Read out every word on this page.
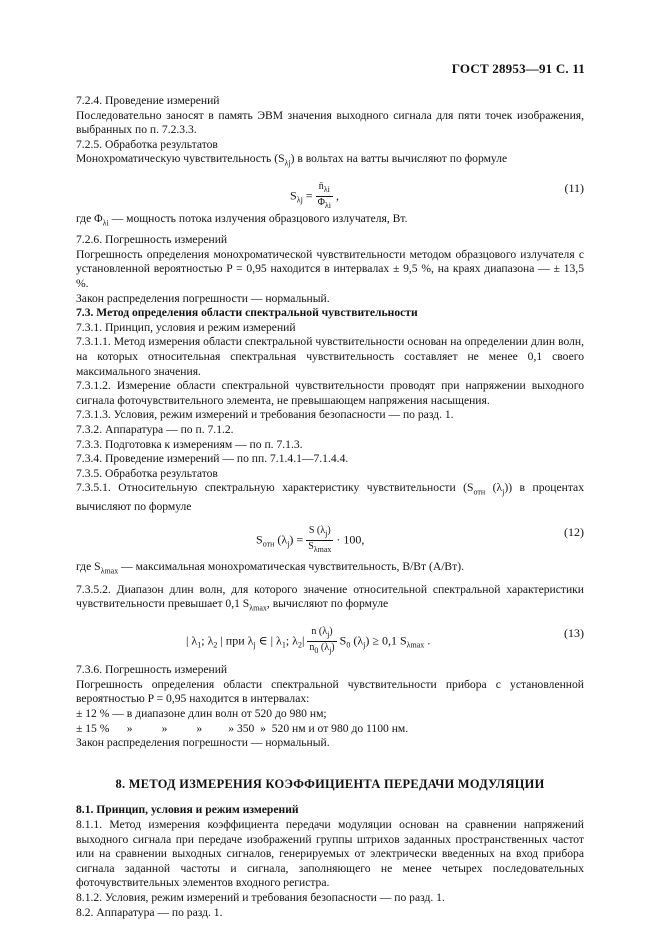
ГОСТ 28953—91 С. 11

7.2.4. Проведение измерений

Последовательно заносят в память ЭВМ значения выходного сигнала для пяти точек изображения, выбранных по п. 7.2.3.3.

7.2.5. Обработка результатов

Монохроматическую чувствительность $(S_{\lambda j})$ в вольтах на ватты вычисляют по формуле

$S_{\lambda j} = \frac{n̄_{\lambda i}}{\Phi_{\lambda i}}$ ,
(11)

где $\Phi_{\lambda i}$ — мощность потока излучения образцового излучателя, Вт.

7.2.6. Погрешность измерений

Погрешность определения монохроматической чувствительности методом образцового излучателя с установленной вероятностью P = 0,95 находится в интервалах ± 9,5 %, на краях диапазона — ± 13,5 %.

Закон распределения погрешности — нормальный.

7.3. Метод определения области спектральной чувствительности

7.3.1. Принцип, условия и режим измерений

7.3.1.1. Метод измерения области спектральной чувствительности основан на определении длин волн, на которых относительная спектральная чувствительность составляет не менее 0,1 своего максимального значения.

7.3.1.2. Измерение области спектральной чувствительности проводят при напряжении выходного сигнала фоточувствительного элемента, не превышающем напряжения насыщения.

7.3.1.3. Условия, режим измерений и требования безопасности — по разд. 1.

7.3.2. Аппаратура — по п. 7.1.2.

7.3.3. Подготовка к измерениям — по п. 7.1.3.

7.3.4. Проведение измерений — по пп. 7.1.4.1—7.1.4.4.

7.3.5. Обработка результатов

7.3.5.1. Относительную спектральную характеристику чувствительности ($S_{отн}$ $(\lambda_j)$) в процентах вычисляют по формуле

$S_{отн}$ $(\lambda_j) = \frac{S (\lambda_j)}{S_{\lambda max}} \cdot 100$,
(12)

где $S_{\lambda max}$ — максимальная монохроматическая чувствительность, В/Вт (А/Вт).

7.3.5.2. Диапазон длин волн, для которого значение относительной спектральной характеристики чувствительности превышает 0,1 $S_{\lambda max}$, вычисляют по формуле

| $\lambda_1$; $\lambda_2$ | при $\lambda_j$ ∈ | $\lambda_1$; $\lambda_2| \frac{n (\lambda_j)}{n_0 (\lambda_j)} S_0$ $(\lambda_j) \ge 0,1$ $S_{\lambda max}$ .
(13)

7.3.6. Погрешность измерений

Погрешность определения области спектральной чувствительности прибора с установленной вероятностью P = 0,95 находится в интервалах:

± 12 % — в диапазоне длин волн от 520 до 980 нм;

± 15 %      »          »          »         » 350  »  520 нм и от 980 до 1100 нм.

Закон распределения погрешности — нормальный.

8. МЕТОД ИЗМЕРЕНИЯ КОЭФФИЦИЕНТА ПЕРЕДАЧИ МОДУЛЯЦИИ

8.1. Принцип, условия и режим измерений

8.1.1. Метод измерения коэффициента передачи модуляции основан на сравнении напряжений выходного сигнала при передаче изображений группы штрихов заданных пространственных частот или на сравнении выходных сигналов, генерируемых от электрически введенных на вход прибора сигнала заданной частоты и сигнала, заполняющего не менее четырех последовательных фоточувствительных элементов входного регистра.

8.1.2. Условия, режим измерений и требования безопасности — по разд. 1.

8.2. Аппаратура — по разд. 1.
